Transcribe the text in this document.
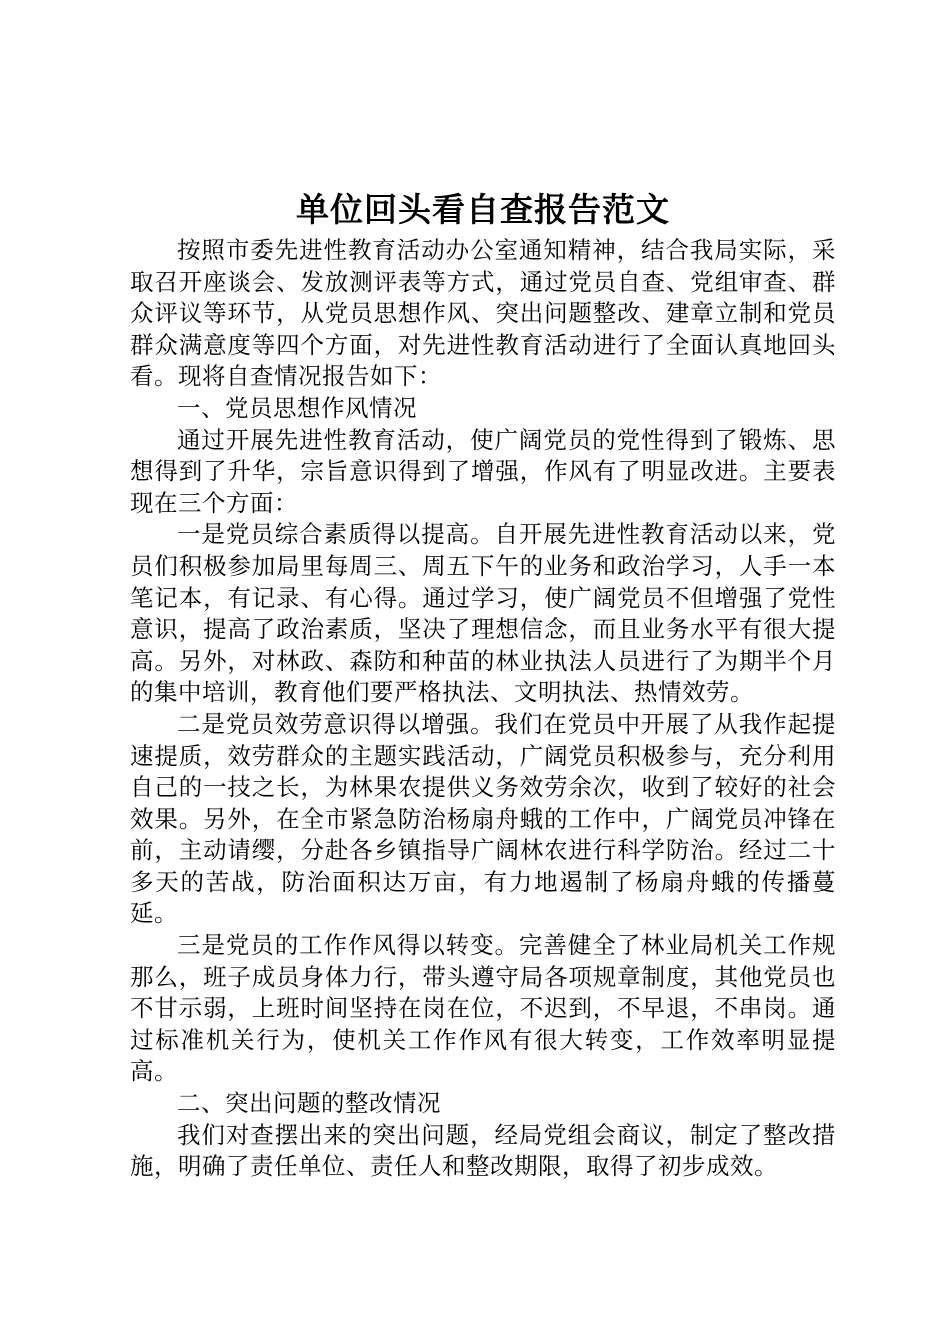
单位回头看自查报告范文

按照市委先进性教育活动办公室通知精神，结合我局实际，采取召开座谈会、发放测评表等方式，通过党员自查、党组审查、群众评议等环节，从党员思想作风、突出问题整改、建章立制和党员群众满意度等四个方面，对先进性教育活动进行了全面认真地回头看。现将自查情况报告如下：

一、党员思想作风情况

通过开展先进性教育活动，使广阔党员的党性得到了锻炼、思想得到了升华，宗旨意识得到了增强，作风有了明显改进。主要表现在三个方面：

一是党员综合素质得以提高。自开展先进性教育活动以来，党员们积极参加局里每周三、周五下午的业务和政治学习，人手一本笔记本，有记录、有心得。通过学习，使广阔党员不但增强了党性意识，提高了政治素质，坚决了理想信念，而且业务水平有很大提高。另外，对林政、森防和种苗的林业执法人员进行了为期半个月的集中培训，教育他们要严格执法、文明执法、热情效劳。

二是党员效劳意识得以增强。我们在党员中开展了从我作起提速提质，效劳群众的主题实践活动，广阔党员积极参与，充分利用自己的一技之长，为林果农提供义务效劳余次，收到了较好的社会效果。另外，在全市紧急防治杨扇舟蛾的工作中，广阔党员冲锋在前，主动请缨，分赴各乡镇指导广阔林农进行科学防治。经过二十多天的苦战，防治面积达万亩，有力地遏制了杨扇舟蛾的传播蔓延。

三是党员的工作作风得以转变。完善健全了林业局机关工作规那么，班子成员身体力行，带头遵守局各项规章制度，其他党员也不甘示弱，上班时间坚持在岗在位，不迟到，不早退，不串岗。通过标准机关行为，使机关工作作风有很大转变，工作效率明显提高。

二、突出问题的整改情况

我们对查摆出来的突出问题，经局党组会商议，制定了整改措施，明确了责任单位、责任人和整改期限，取得了初步成效。
